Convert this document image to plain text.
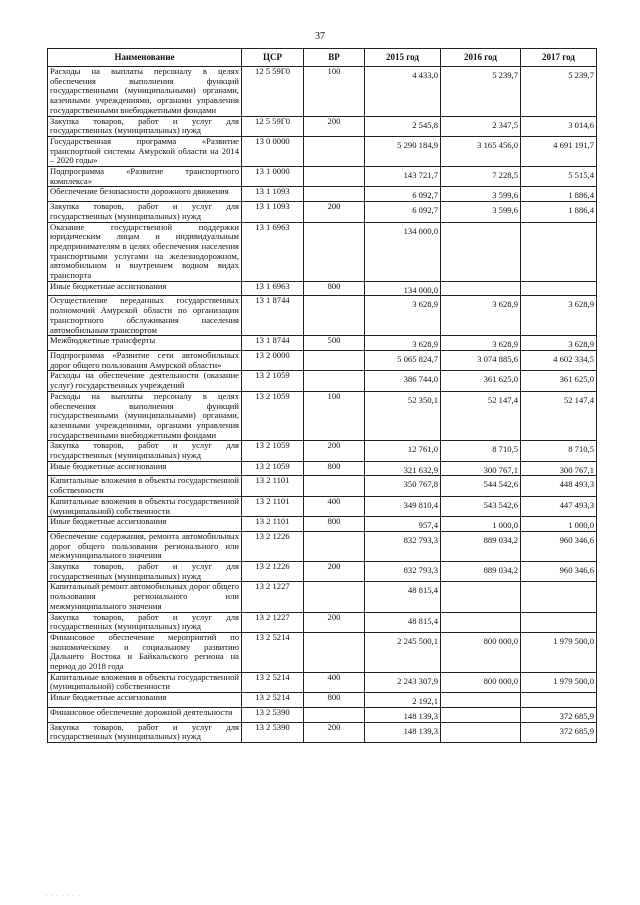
37
Наименование	ЦСР	ВР	2015 год	2016 год	2017 год
Расходы на выплаты персоналу в целях обеспечения выполнения функций государственными (муниципальными) органами, казенными учреждениями, органами управления государственными внебюджетными фондами	12 5 59Г0	100	4 433,0	5 239,7	5 239,7
Закупка товаров, работ и услуг для государственных (муниципальных) нужд	12 5 59Г0	200	2 545,8	2 347,5	3 014,6
Государственная программа «Развитие транспортной системы Амурской области на 2014 – 2020 годы»	13 0 0000		5 290 184,9	3 165 456,0	4 691 191,7
Подпрограмма «Развитие транспортного комплекса»	13 1 0000		143 721,7	7 228,5	5 515,4
Обеспечение безопасности дорожного движения	13 1 1093		6 092,7	3 599,6	1 886,4
Закупка товаров, работ и услуг для государственных (муниципальных) нужд	13 1 1093	200	6 092,7	3 599,6	1 886,4
Оказание государственной поддержки юридическим лицам и индивидуальным предпринимателям в целях обеспечения населения транспортными услугами на железнодорожном, автомобильном и внутреннем водном видах транспорта	13 1 6963		134 000,0		
Иные бюджетные ассигнования	13 1 6963	800	134 000,0		
Осуществление переданных государственных полномочий Амурской области по организации транспортного обслуживания населения автомобильным транспортом	13 1 8744		3 628,9	3 628,9	3 628,9
Межбюджетные трансферты	13 1 8744	500	3 628,9	3 628,9	3 628,9
Подпрограмма «Развитие сети автомобильных дорог общего пользования Амурской области»	13 2 0000		5 065 824,7	3 074 885,6	4 602 334,5
Расходы на обеспечение деятельности (оказание услуг) государственных учреждений	13 2 1059		386 744,0	361 625,0	361 625,0
Расходы на выплаты персоналу в целях обеспечения выполнения функций государственными (муниципальными) органами, казенными учреждениями, органами управления государственными внебюджетными фондами	13 2 1059	100	52 350,1	52 147,4	52 147,4
Закупка товаров, работ и услуг для государственных (муниципальных) нужд	13 2 1059	200	12 761,0	8 710,5	8 710,5
Иные бюджетные ассигнования	13 2 1059	800	321 632,9	300 767,1	300 767,1
Капитальные вложения в объекты государственной собственности	13 2 1101		350 767,8	544 542,6	448 493,3
Капитальные вложения в объекты государственной (муниципальной) собственности	13 2 1101	400	349 810,4	543 542,6	447 493,3
Иные бюджетные ассигнования	13 2 1101	800	957,4	1 000,0	1 000,0
Обеспечение содержания, ремонта автомобильных дорог общего пользования регионального или межмуниципального значения	13 2 1226		832 793,3	889 034,2	960 346,6
Закупка товаров, работ и услуг для государственных (муниципальных) нужд	13 2 1226	200	832 793,3	889 034,2	960 346,6
Капитальный ремонт автомобильных дорог общего пользования регионального или межмуниципального значения	13 2 1227		48 815,4		
Закупка товаров, работ и услуг для государственных (муниципальных) нужд	13 2 1227	200	48 815,4		
Финансовое обеспечение мероприятий по экономическому и социальному развитию Дальнего Востока и Байкальского региона на период до 2018 года	13 2 5214		2 245 500,1	800 000,0	1 979 500,0
Капитальные вложения в объекты государственной (муниципальной) собственности	13 2 5214	400	2 243 307,9	800 000,0	1 979 500,0
Иные бюджетные ассигнования	13 2 5214	800	2 192,1		
Финансовое обеспечение дорожной деятельности	13 2 5390		148 139,3		372 685,9
Закупка товаров, работ и услуг для государственных (муниципальных) нужд	13 2 5390	200	148 139,3		372 685,9
· · · · · · ·
